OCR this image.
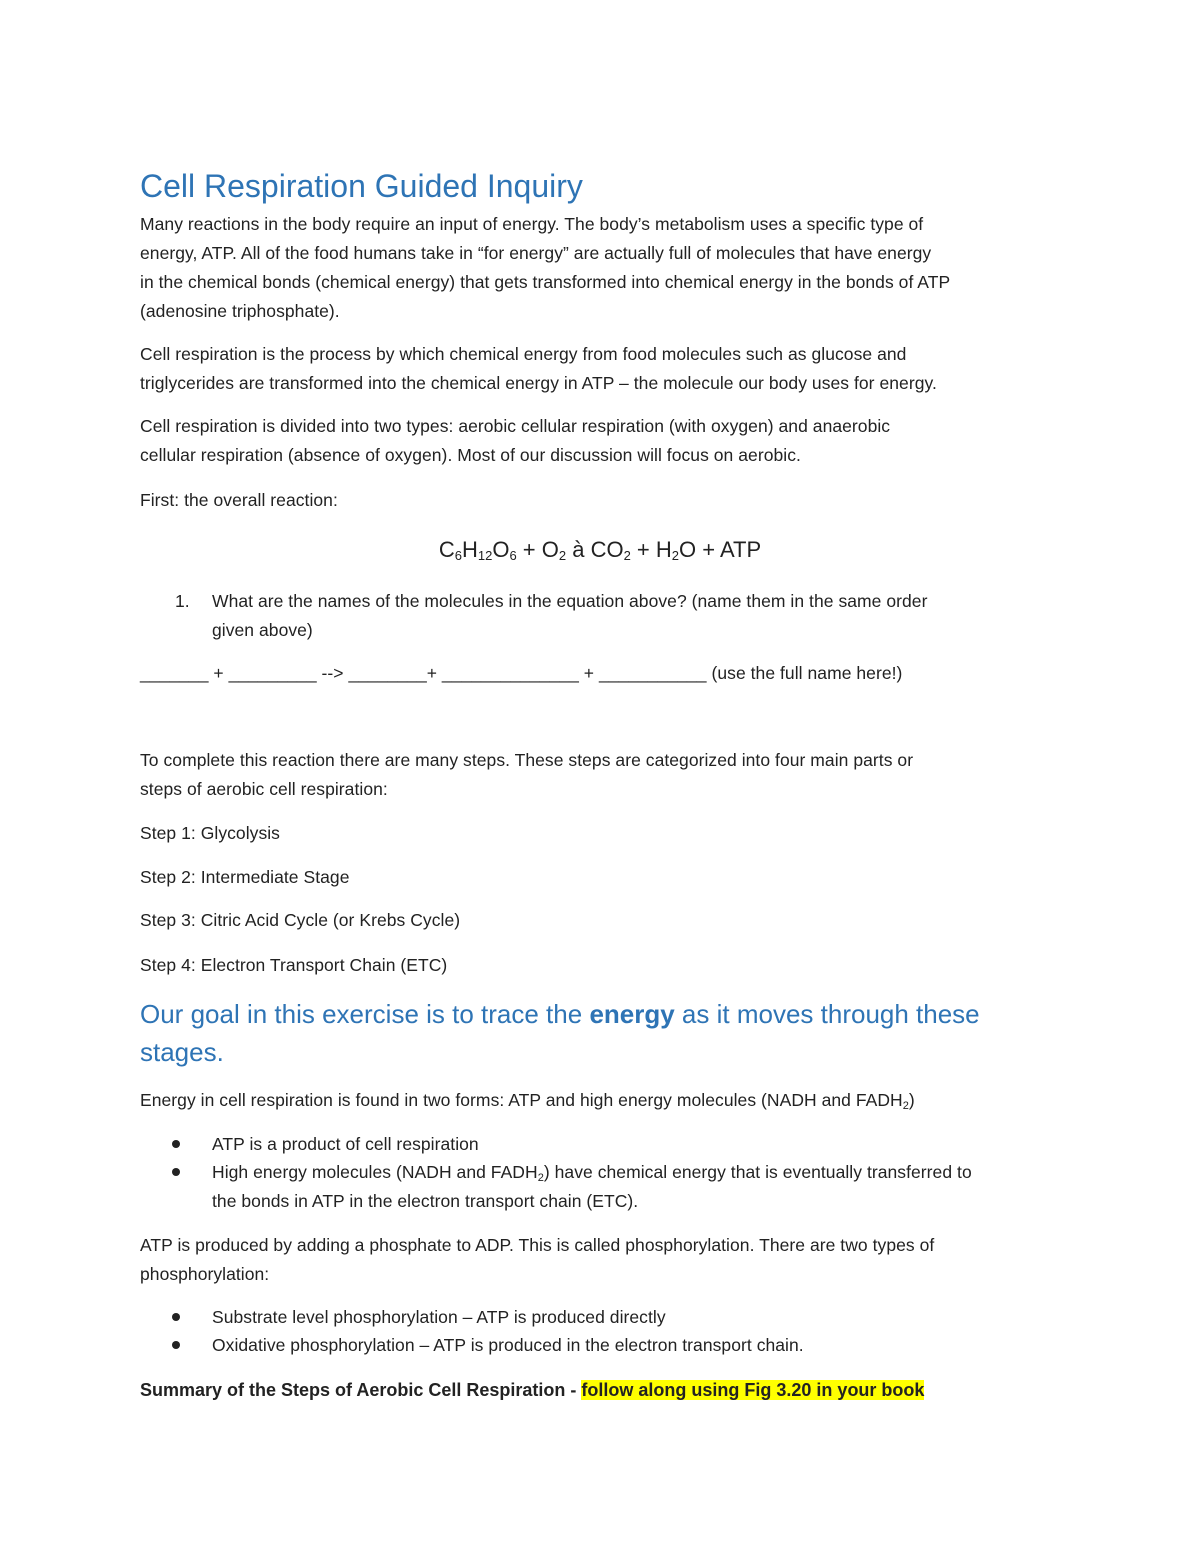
Cell Respiration Guided Inquiry
Many reactions in the body require an input of energy. The body’s metabolism uses a specific type of
energy, ATP. All of the food humans take in “for energy” are actually full of molecules that have energy
in the chemical bonds (chemical energy) that gets transformed into chemical energy in the bonds of ATP
(adenosine triphosphate).
Cell respiration is the process by which chemical energy from food molecules such as glucose and
triglycerides are transformed into the chemical energy in ATP – the molecule our body uses for energy.
Cell respiration is divided into two types: aerobic cellular respiration (with oxygen) and anaerobic
cellular respiration (absence of oxygen). Most of our discussion will focus on aerobic.
First: the overall reaction:
$C_6H_{12}O_6 + O_2$ à $CO_2 + H_2O$ + ATP
1. What are the names of the molecules in the equation above? (name them in the same order
given above)
_______ + _________ --> ________+ ______________ + ___________ (use the full name here!)
To complete this reaction there are many steps. These steps are categorized into four main parts or
steps of aerobic cell respiration:
Step 1: Glycolysis
Step 2: Intermediate Stage
Step 3: Citric Acid Cycle (or Krebs Cycle)
Step 4: Electron Transport Chain (ETC)
Our goal in this exercise is to trace the energy as it moves through these
stages.
Energy in cell respiration is found in two forms: ATP and high energy molecules (NADH and $FADH_2$)
ATP is a product of cell respiration
High energy molecules (NADH and $FADH_2$) have chemical energy that is eventually transferred to
the bonds in ATP in the electron transport chain (ETC).
ATP is produced by adding a phosphate to ADP. This is called phosphorylation. There are two types of
phosphorylation:
Substrate level phosphorylation – ATP is produced directly
Oxidative phosphorylation – ATP is produced in the electron transport chain.
Summary of the Steps of Aerobic Cell Respiration - follow along using Fig 3.20 in your book
